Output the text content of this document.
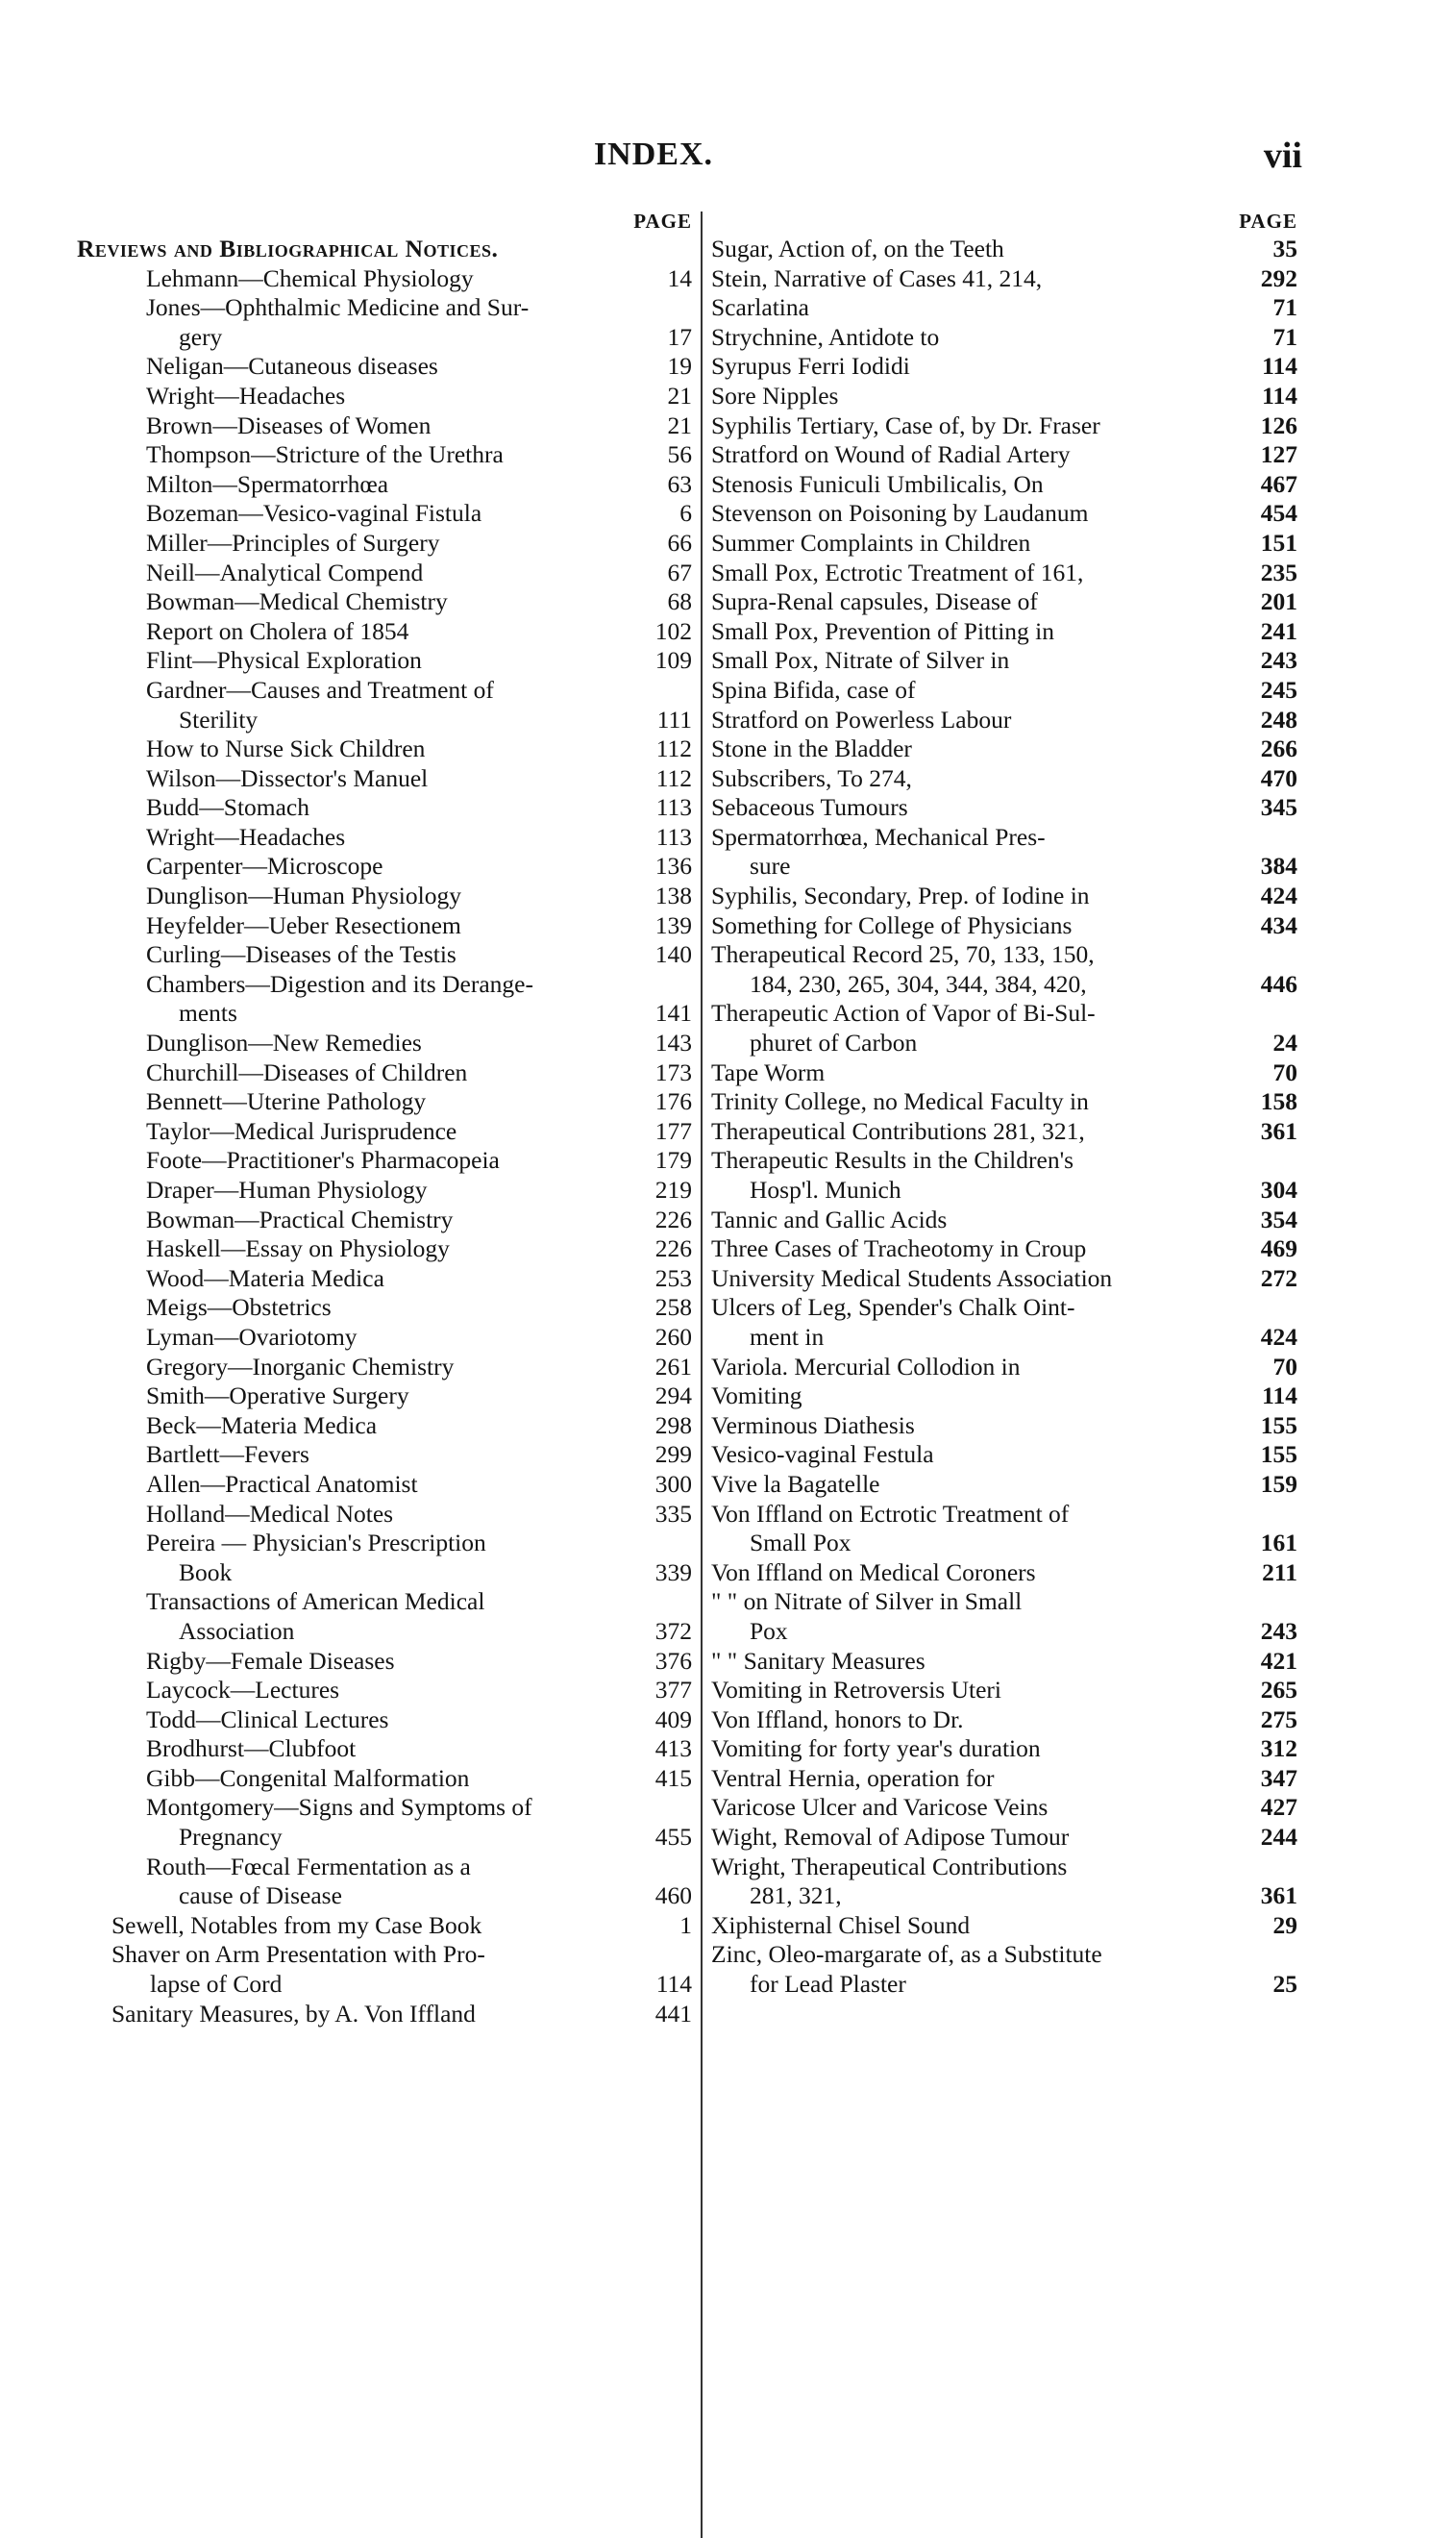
INDEX.	vii
PAGE
Reviews and Bibliographical Notices.
Lehmann—Chemical Physiology	14
Jones—Ophthalmic Medicine and Sur-
gery	17
Neligan—Cutaneous diseases	19
Wright—Headaches	21
Brown—Diseases of Women	21
Thompson—Stricture of the Urethra	56
Milton—Spermatorrhœa	63
Bozeman—Vesico-vaginal Fistula	6
Miller—Principles of Surgery	66
Neill—Analytical Compend	67
Bowman—Medical Chemistry	68
Report on Cholera of 1854	102
Flint—Physical Exploration	109
Gardner—Causes and Treatment of
Sterility	111
How to Nurse Sick Children	112
Wilson—Dissector's Manuel	112
Budd—Stomach	113
Wright—Headaches	113
Carpenter—Microscope	136
Dunglison—Human Physiology	138
Heyfelder—Ueber Resectionem	139
Curling—Diseases of the Testis	140
Chambers—Digestion and its Derange-
ments	141
Dunglison—New Remedies	143
Churchill—Diseases of Children	173
Bennett—Uterine Pathology	176
Taylor—Medical Jurisprudence	177
Foote—Practitioner's Pharmacopeia	179
Draper—Human Physiology	219
Bowman—Practical Chemistry	226
Haskell—Essay on Physiology	226
Wood—Materia Medica	253
Meigs—Obstetrics	258
Lyman—Ovariotomy	260
Gregory—Inorganic Chemistry	261
Smith—Operative Surgery	294
Beck—Materia Medica	298
Bartlett—Fevers	299
Allen—Practical Anatomist	300
Holland—Medical Notes	335
Pereira — Physician's Prescription
Book	339
Transactions of American Medical
Association	372
Rigby—Female Diseases	376
Laycock—Lectures	377
Todd—Clinical Lectures	409
Brodhurst—Clubfoot	413
Gibb—Congenital Malformation	415
Montgomery—Signs and Symptoms of
Pregnancy	455
Routh—Fœcal Fermentation as a
cause of Disease	460
Sewell, Notables from my Case Book	1
Shaver on Arm Presentation with Pro-
lapse of Cord	114
Sanitary Measures, by A. Von Iffland	441
PAGE
Sugar, Action of, on the Teeth	35
Stein, Narrative of Cases 41, 214,	292
Scarlatina	71
Strychnine, Antidote to	71
Syrupus Ferri Iodidi	114
Sore Nipples	114
Syphilis Tertiary, Case of, by Dr. Fraser	126
Stratford on Wound of Radial Artery	127
Stenosis Funiculi Umbilicalis, On	467
Stevenson on Poisoning by Laudanum	454
Summer Complaints in Children	151
Small Pox, Ectrotic Treatment of 161,	235
Supra-Renal capsules, Disease of	201
Small Pox, Prevention of Pitting in	241
Small Pox, Nitrate of Silver in	243
Spina Bifida, case of	245
Stratford on Powerless Labour	248
Stone in the Bladder	266
Subscribers, To 274,	470
Sebaceous Tumours	345
Spermatorrhœa, Mechanical Pres-
sure	384
Syphilis, Secondary, Prep. of Iodine in	424
Something for College of Physicians	434
Therapeutical Record 25, 70, 133, 150,
184, 230, 265, 304, 344, 384, 420,	446
Therapeutic Action of Vapor of Bi-Sul-
phuret of Carbon	24
Tape Worm	70
Trinity College, no Medical Faculty in	158
Therapeutical Contributions 281, 321,	361
Therapeutic Results in the Children's
Hosp'l. Munich	304
Tannic and Gallic Acids	354
Three Cases of Tracheotomy in Croup	469
University Medical Students Association	272
Ulcers of Leg, Spender's Chalk Oint-
ment in	424
Variola. Mercurial Collodion in	70
Vomiting	114
Verminous Diathesis	155
Vesico-vaginal Festula	155
Vive la Bagatelle	159
Von Iffland on Ectrotic Treatment of
Small Pox	161
Von Iffland on Medical Coroners	211
" " on Nitrate of Silver in Small
Pox	243
" " Sanitary Measures	421
Vomiting in Retroversis Uteri	265
Von Iffland, honors to Dr.	275
Vomiting for forty year's duration	312
Ventral Hernia, operation for	347
Varicose Ulcer and Varicose Veins	427
Wight, Removal of Adipose Tumour	244
Wright, Therapeutical Contributions
281, 321,	361
Xiphisternal Chisel Sound	29
Zinc, Oleo-margarate of, as a Substitute
for Lead Plaster	25
